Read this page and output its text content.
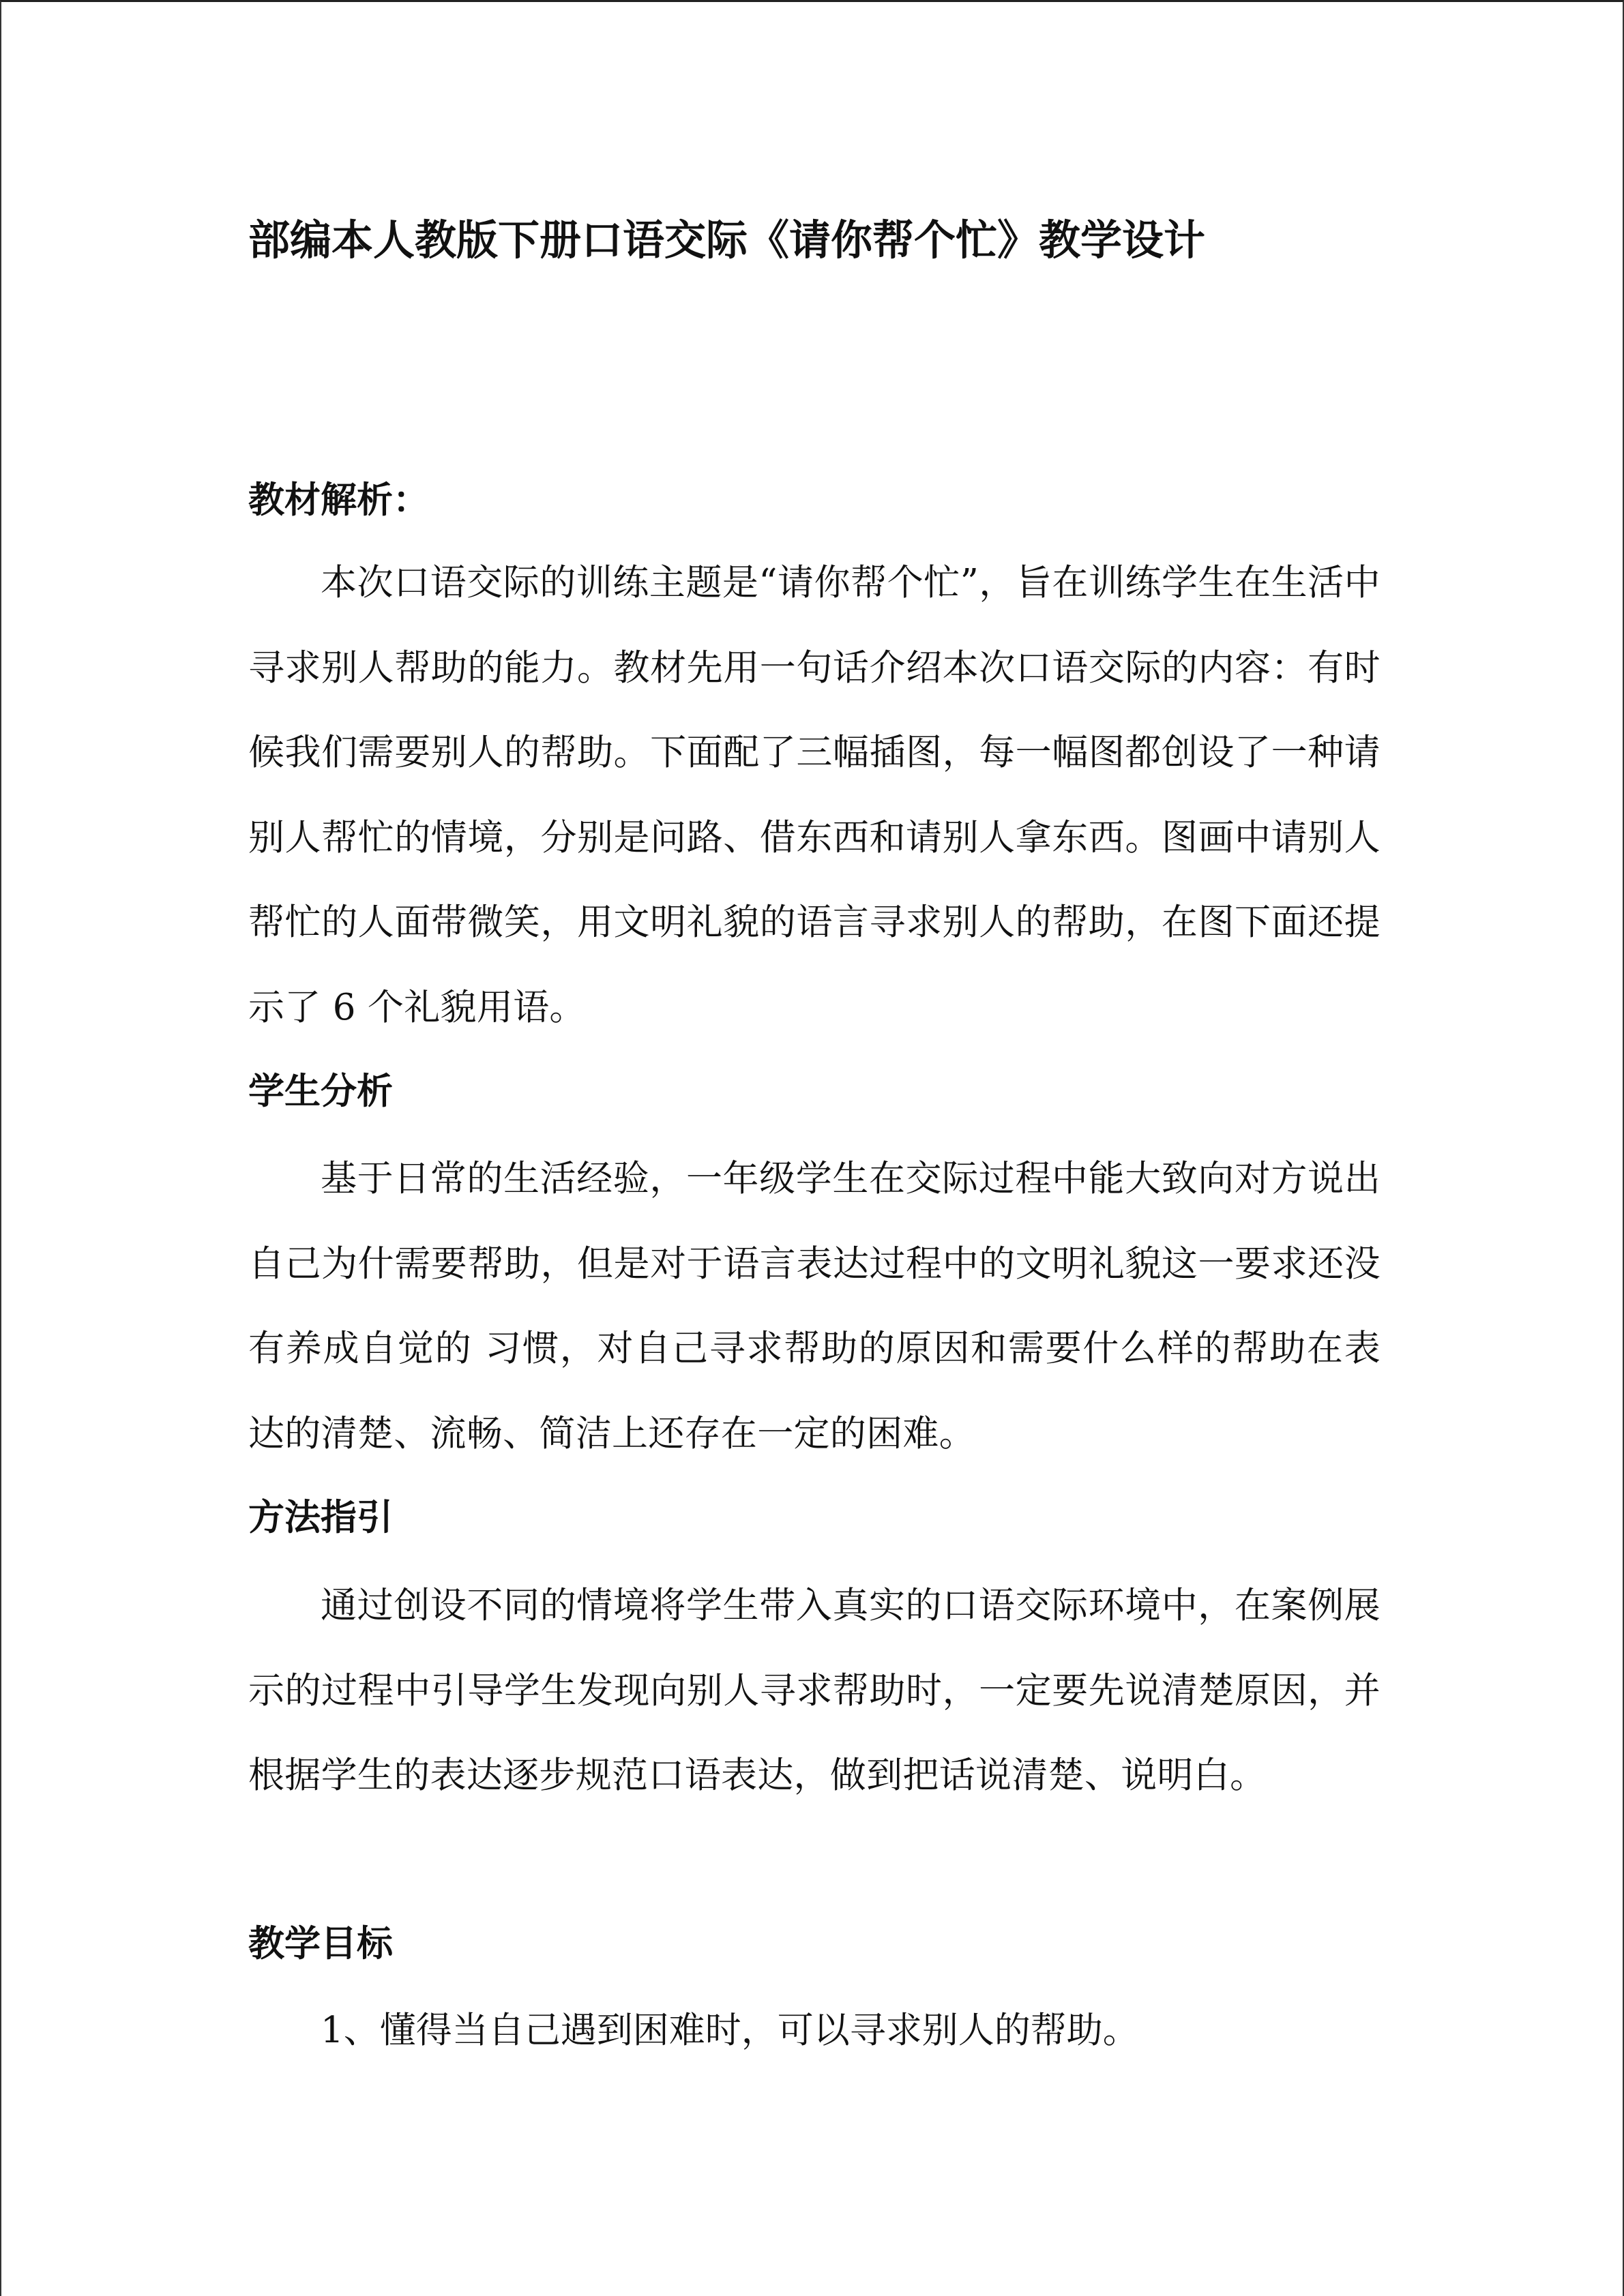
部编本人教版下册口语交际《请你帮个忙》教学设计
教材解析：

本次口语交际的训练主题是“请你帮个忙”，旨在训练学生在生活中寻求别人帮助的能力。教材先用一句话介绍本次口语交际的内容：有时候我们需要别人的帮助。下面配了三幅插图，每一幅图都创设了一种请别人帮忙的情境，分别是问路、借东西和请别人拿东西。图画中请别人帮忙的人面带微笑，用文明礼貌的语言寻求别人的帮助，在图下面还提示了 6 个礼貌用语。

学生分析

基于日常的生活经验，一年级学生在交际过程中能大致向对方说出自己为什需要帮助，但是对于语言表达过程中的文明礼貌这一要求还没有养成自觉的 习惯，对自己寻求帮助的原因和需要什么样的帮助在表达的清楚、流畅、简洁上还存在一定的困难。

方法指引

通过创设不同的情境将学生带入真实的口语交际环境中，在案例展示的过程中引导学生发现向别人寻求帮助时，一定要先说清楚原因，并根据学生的表达逐步规范口语表达，做到把话说清楚、说明白。

教学目标

1、懂得当自己遇到困难时，可以寻求别人的帮助。
